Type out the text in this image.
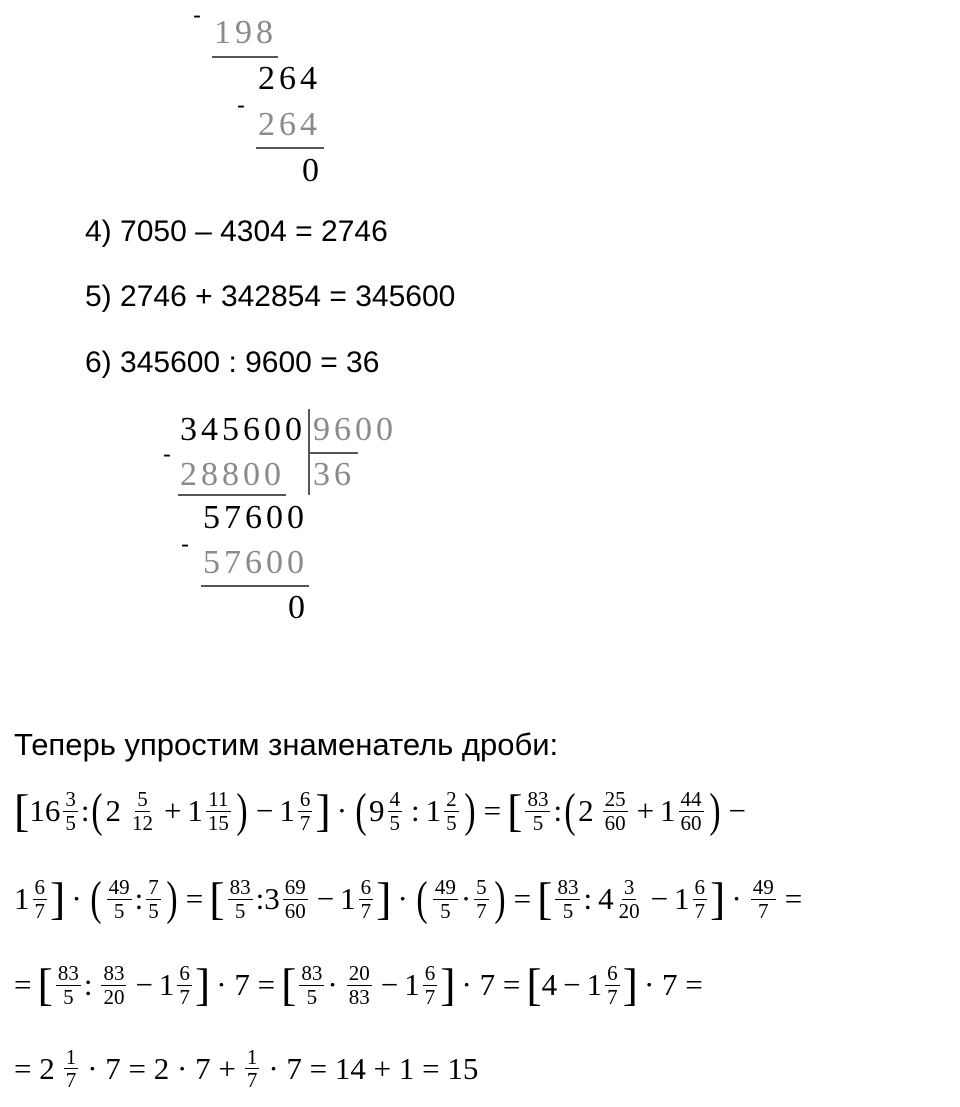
- 198
264
-
264
0
4) 7050 – 4304 = 2746
5) 2746 + 342854 = 345600
6) 345600 : 9600 = 36
345600 9600
-
28800 36
57600
- 57600
0
Теперь упростим знаменатель дроби:
[ $16 \frac{3}{5}$ : ( $2 \frac{5}{12} + 1 \frac{11}{15}$ ) − $1 \frac{6}{7}$ ] · ( $9 \frac{4}{5}$ : $1 \frac{2}{5}$ ) = [ $\frac{83}{5}$ : ( $2 \frac{25}{60} + 1 \frac{44}{60}$ ) −
$1 \frac{6}{7}$ ] · ( $\frac{49}{5}$ : $\frac{7}{5}$ ) = [ $\frac{83}{5}$ : $3 \frac{69}{60} - 1 \frac{6}{7}$ ] · ( $\frac{49}{5} \cdot \frac{5}{7}$ ) = [ $\frac{83}{5}$ : $4 \frac{3}{20} - 1 \frac{6}{7}$ ] · $\frac{49}{7}$ =
= [ $\frac{83}{5}$ : $\frac{83}{20} - 1 \frac{6}{7}$ ] · 7 = [ $\frac{83}{5} \cdot \frac{20}{83} - 1 \frac{6}{7}$ ] · 7 = [ $4 - 1 \frac{6}{7}$ ] · 7 =
= $2 \frac{1}{7} \cdot 7 = 2 \cdot 7 + \frac{1}{7} \cdot 7 = 14 + 1 = 15$
